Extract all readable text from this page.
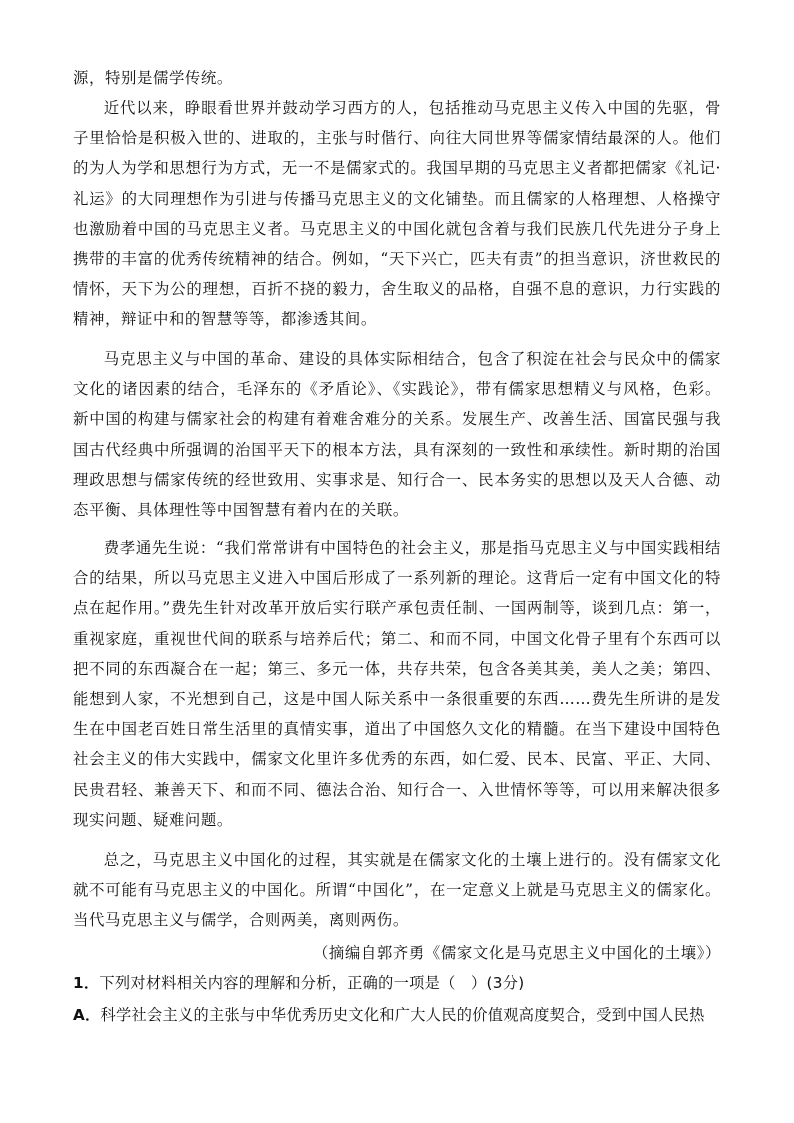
源，特别是儒学传统。

近代以来，睁眼看世界并鼓动学习西方的人，包括推动马克思主义传入中国的先驱，骨子里恰恰是积极入世的、进取的，主张与时偕行、向往大同世界等儒家情结最深的人。他们的为人为学和思想行为方式，无一不是儒家式的。我国早期的马克思主义者都把儒家《礼记·礼运》的大同理想作为引进与传播马克思主义的文化铺垫。而且儒家的人格理想、人格操守也激励着中国的马克思主义者。马克思主义的中国化就包含着与我们民族几代先进分子身上携带的丰富的优秀传统精神的结合。例如，“天下兴亡，匹夫有责”的担当意识，济世救民的情怀，天下为公的理想，百折不挠的毅力，舍生取义的品格，自强不息的意识，力行实践的精神，辩证中和的智慧等等，都渗透其间。

马克思主义与中国的革命、建设的具体实际相结合，包含了积淀在社会与民众中的儒家文化的诸因素的结合，毛泽东的《矛盾论》、《实践论》，带有儒家思想精义与风格，色彩。新中国的构建与儒家社会的构建有着难舍难分的关系。发展生产、改善生活、国富民强与我国古代经典中所强调的治国平天下的根本方法，具有深刻的一致性和承续性。新时期的治国理政思想与儒家传统的经世致用、实事求是、知行合一、民本务实的思想以及天人合德、动态平衡、具体理性等中国智慧有着内在的关联。

费孝通先生说：“我们常常讲有中国特色的社会主义，那是指马克思主义与中国实践相结合的结果，所以马克思主义进入中国后形成了一系列新的理论。这背后一定有中国文化的特点在起作用。”费先生针对改革开放后实行联产承包责任制、一国两制等，谈到几点：第一，重视家庭，重视世代间的联系与培养后代；第二、和而不同，中国文化骨子里有个东西可以把不同的东西凝合在一起；第三、多元一体，共存共荣，包含各美其美，美人之美；第四、能想到人家，不光想到自己，这是中国人际关系中一条很重要的东西……费先生所讲的是发生在中国老百姓日常生活里的真情实事，道出了中国悠久文化的精髓。在当下建设中国特色社会主义的伟大实践中，儒家文化里许多优秀的东西，如仁爱、民本、民富、平正、大同、民贵君轻、兼善天下、和而不同、德法合治、知行合一、入世情怀等等，可以用来解决很多现实问题、疑难问题。

总之，马克思主义中国化的过程，其实就是在儒家文化的土壤上进行的。没有儒家文化就不可能有马克思主义的中国化。所谓“中国化”，在一定意义上就是马克思主义的儒家化。当代马克思主义与儒学，合则两美，离则两伤。

（摘编自郭齐勇《儒家文化是马克思主义中国化的土壤》）

1．下列对材料相关内容的理解和分析，正确的一项是（　）(3分)

A．科学社会主义的主张与中华优秀历史文化和广大人民的价值观高度契合，受到中国人民热
